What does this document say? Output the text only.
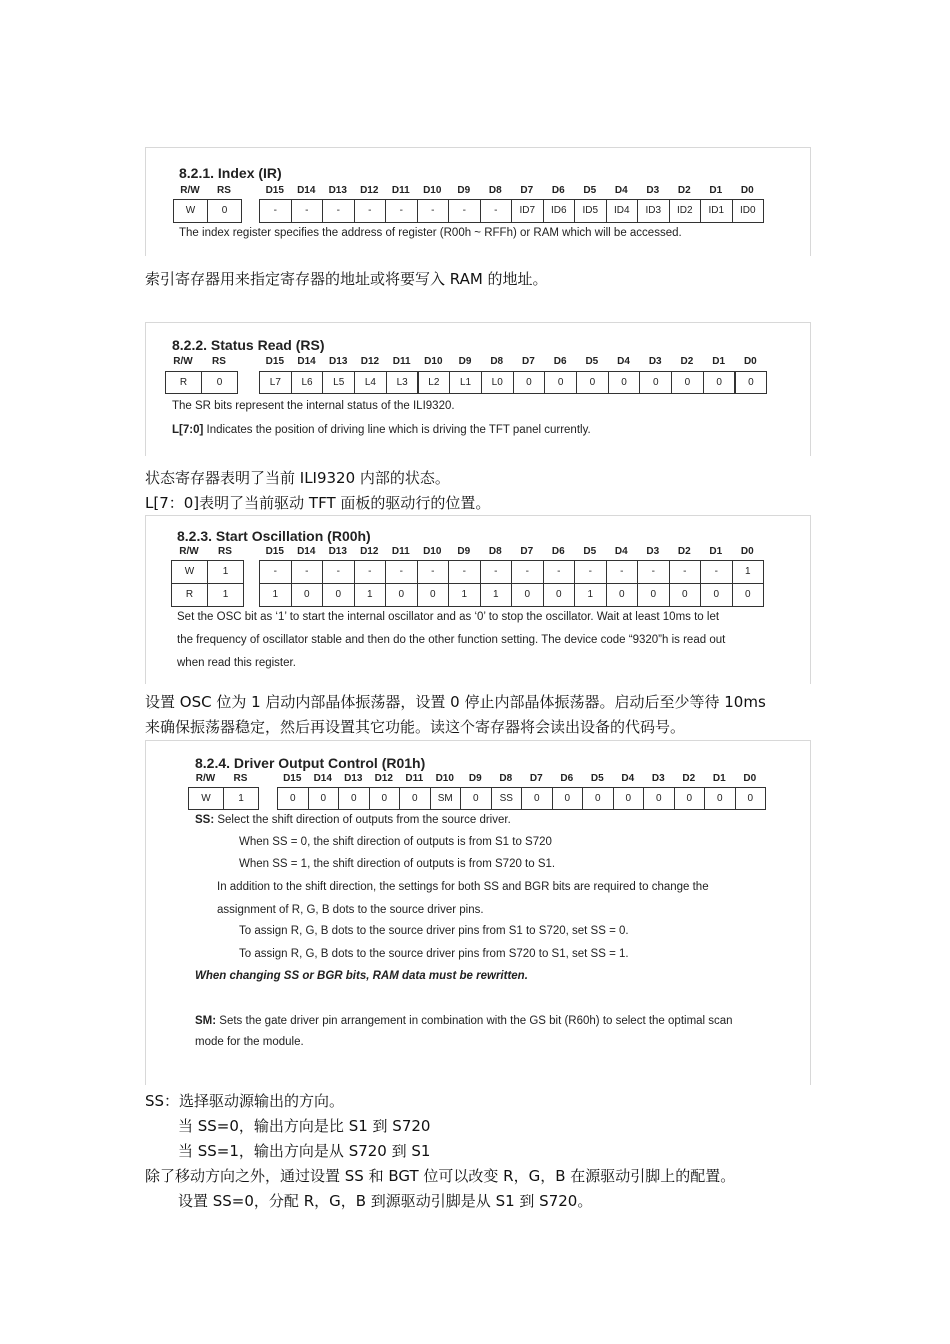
8.2.1. Index (IR)
The index register specifies the address of register (R00h ~ RFFh) or RAM which will be accessed.
R/W	RS	D15	D14	D13	D12	D11	D10	D9	D8	D7	D6	D5	D4	D3	D2	D1	D0
W	0	-	-	-	-	-	-	-	-	ID7	ID6	ID5	ID4	ID3	ID2	ID1	ID0
8.2.2. Status Read (RS)
The SR bits represent the internal status of the ILI9320.
L[7:0] Indicates the position of driving line which is driving the TFT panel currently.
R/W	RS	D15	D14	D13	D12	D11	D10	D9	D8	D7	D6	D5	D4	D3	D2	D1	D0
R	0	L7	L6	L5	L4	L3	L2	L1	L0	0	0	0	0	0	0	0	0
8.2.3. Start Oscillation (R00h)
Set the OSC bit as ‘1’ to start the internal oscillator and as ‘0’ to stop the oscillator. Wait at least 10ms to let
the frequency of oscillator stable and then do the other function setting. The device code “9320”h is read out
when read this register.
R/W	RS	D15	D14	D13	D12	D11	D10	D9	D8	D7	D6	D5	D4	D3	D2	D1	D0
W	1	-	-	-	-	-	-	-	-	-	-	-	-	-	-	-	1
R	1	1	0	0	1	0	0	1	1	0	0	1	0	0	0	0	0
8.2.4. Driver Output Control (R01h)
SS: Select the shift direction of outputs from the source driver.
When SS = 0, the shift direction of outputs is from S1 to S720
When SS = 1, the shift direction of outputs is from S720 to S1.
In addition to the shift direction, the settings for both SS and BGR bits are required to change the
assignment of R, G, B dots to the source driver pins.
To assign R, G, B dots to the source driver pins from S1 to S720, set SS = 0.
To assign R, G, B dots to the source driver pins from S720 to S1, set SS = 1.
When changing SS or BGR bits, RAM data must be rewritten.
SM: Sets the gate driver pin arrangement in combination with the GS bit (R60h) to select the optimal scan
mode for the module.
R/W	RS	D15	D14	D13	D12	D11	D10	D9	D8	D7	D6	D5	D4	D3	D2	D1	D0
W	1	0	0	0	0	0	SM	0	SS	0	0	0	0	0	0	0	0
索引寄存器用来指定寄存器的地址或将要写入 RAM 的地址。
状态寄存器表明了当前 ILI9320 内部的状态。
L[7：0]表明了当前驱动 TFT 面板的驱动行的位置。
设置 OSC 位为 1 启动内部晶体振荡器，设置 0 停止内部晶体振荡器。启动后至少等待 10ms
来确保振荡器稳定，然后再设置其它功能。读这个寄存器将会读出设备的代码号。
SS：选择驱动源输出的方向。
当 SS=0，输出方向是比 S1 到 S720
当 SS=1，输出方向是从 S720 到 S1
除了移动方向之外，通过设置 SS 和 BGT 位可以改变 R，G，B 在源驱动引脚上的配置。
设置 SS=0，分配 R，G，B 到源驱动引脚是从 S1 到 S720。
